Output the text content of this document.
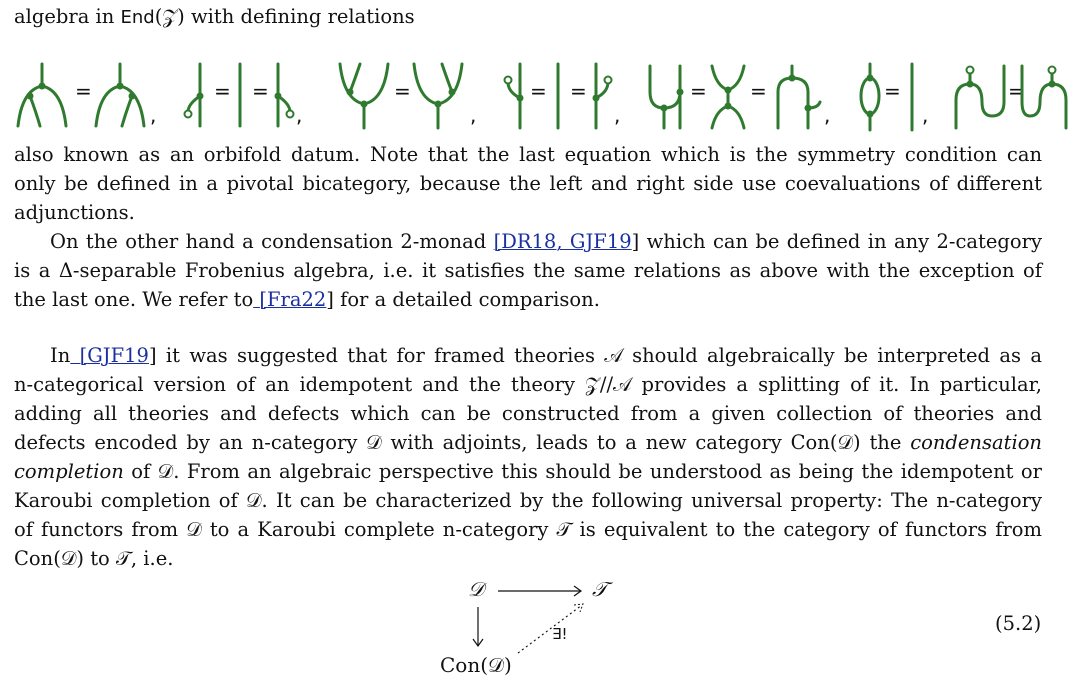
algebra in End(𝒵) with defining relations
=
,
= =
,
=
,
= =
,
= =
,
=
,
=
also known as an orbifold datum. Note that the last equation which is the symmetry condition can
only be defined in a pivotal bicategory, because the left and right side use coevaluations of different
adjunctions.
On the other hand a condensation 2-monad [DR18, GJF19] which can be defined in any 2-category
is a Δ-separable Frobenius algebra, i.e. it satisfies the same relations as above with the exception of
the last one. We refer to [Fra22] for a detailed comparison.
In [GJF19] it was suggested that for framed theories 𝒜 should algebraically be interpreted as a
n-categorical version of an idempotent and the theory 𝒵//𝒜 provides a splitting of it. In particular,
adding all theories and defects which can be constructed from a given collection of theories and
defects encoded by an n-category 𝒟 with adjoints, leads to a new category Con(𝒟) the condensation
completion of 𝒟. From an algebraic perspective this should be understood as being the idempotent or
Karoubi completion of 𝒟. It can be characterized by the following universal property: The n-category
of functors from 𝒟 to a Karoubi complete n-category 𝒯 is equivalent to the category of functors from
Con(𝒟) to 𝒯, i.e.
𝒟	𝒯
Con(𝒟)
∃!	(5.2)
